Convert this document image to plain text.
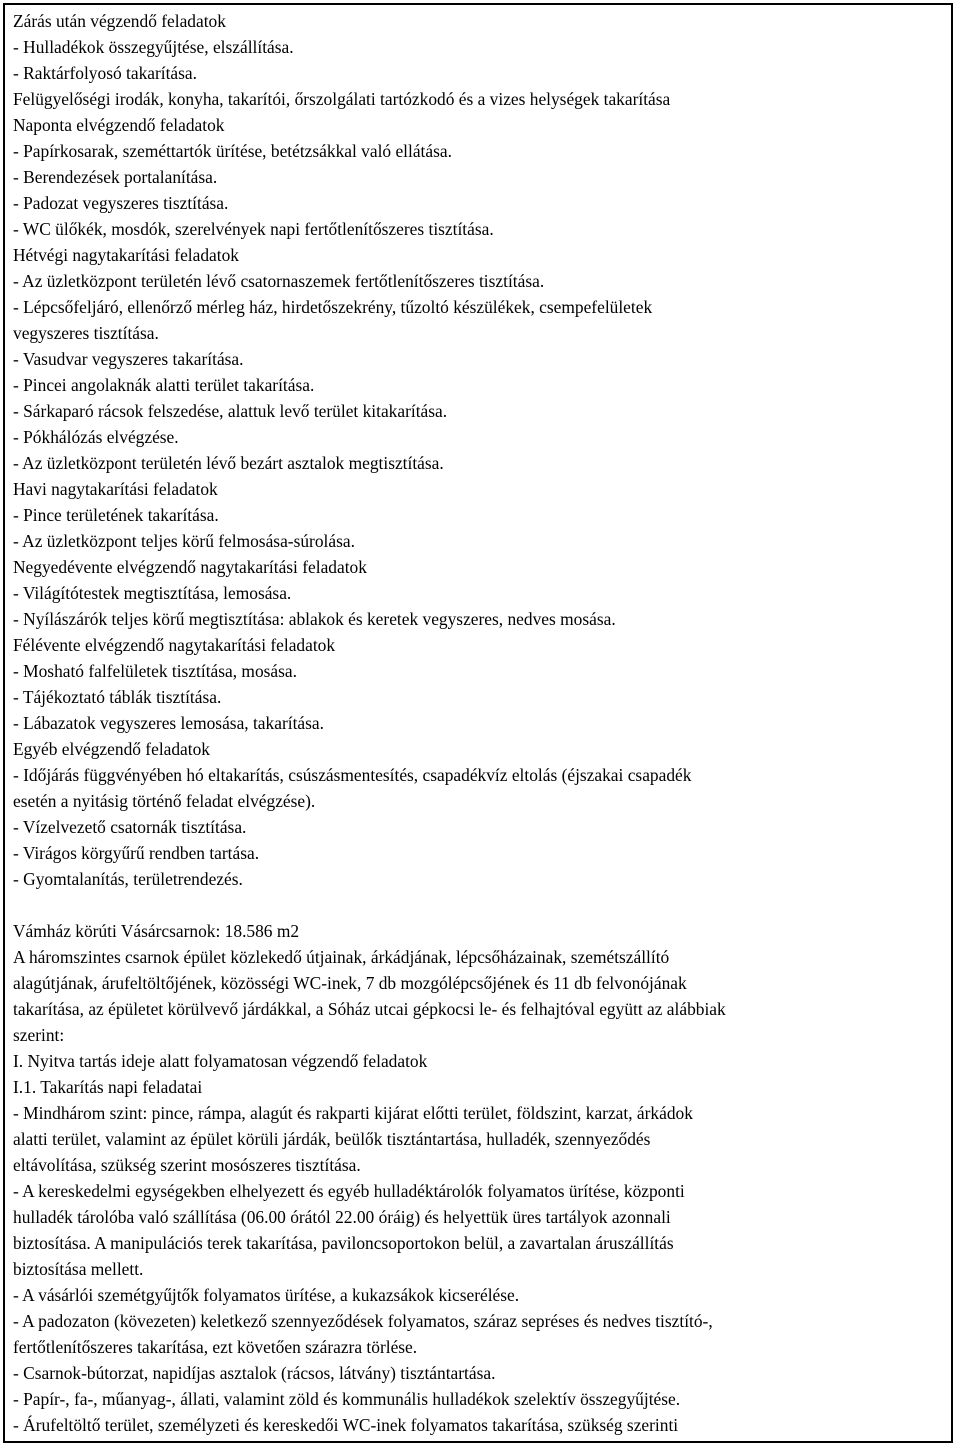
Zárás után végzendő feladatok
- Hulladékok összegyűjtése, elszállítása.
- Raktárfolyosó takarítása.
Felügyelőségi irodák, konyha, takarítói, őrszolgálati tartózkodó és a vizes helységek takarítása
Naponta elvégzendő feladatok
- Papírkosarak, szeméttartók ürítése, betétzsákkal való ellátása.
- Berendezések portalanítása.
- Padozat vegyszeres tisztítása.
- WC ülőkék, mosdók, szerelvények napi fertőtlenítőszeres tisztítása.
Hétvégi nagytakarítási feladatok
- Az üzletközpont területén lévő csatornaszemek fertőtlenítőszeres tisztítása.
- Lépcsőfeljáró, ellenőrző mérleg ház, hirdetőszekrény, tűzoltó készülékek, csempefelületek
vegyszeres tisztítása.
- Vasudvar vegyszeres takarítása.
- Pincei angolaknák alatti terület takarítása.
- Sárkaparó rácsok felszedése, alattuk levő terület kitakarítása.
- Pókhálózás elvégzése.
- Az üzletközpont területén lévő bezárt asztalok megtisztítása.
Havi nagytakarítási feladatok
- Pince területének takarítása.
- Az üzletközpont teljes körű felmosása-súrolása.
Negyedévente elvégzendő nagytakarítási feladatok
- Világítótestek megtisztítása, lemosása.
- Nyílászárók teljes körű megtisztítása: ablakok és keretek vegyszeres, nedves mosása.
Félévente elvégzendő nagytakarítási feladatok
- Mosható falfelületek tisztítása, mosása.
- Tájékoztató táblák tisztítása.
- Lábazatok vegyszeres lemosása, takarítása.
Egyéb elvégzendő feladatok
- Időjárás függvényében hó eltakarítás, csúszásmentesítés, csapadékvíz eltolás (éjszakai csapadék
esetén a nyitásig történő feladat elvégzése).
- Vízelvezető csatornák tisztítása.
- Virágos körgyűrű rendben tartása.
- Gyomtalanítás, területrendezés.
Vámház körúti Vásárcsarnok: 18.586 m2
A háromszintes csarnok épület közlekedő útjainak, árkádjának, lépcsőházainak, szemétszállító
alagútjának, árufeltöltőjének, közösségi WC-inek, 7 db mozgólépcsőjének és 11 db felvonójának
takarítása, az épületet körülvevő járdákkal, a Sóház utcai gépkocsi le- és felhajtóval együtt az alábbiak
szerint:
I. Nyitva tartás ideje alatt folyamatosan végzendő feladatok
I.1. Takarítás napi feladatai
- Mindhárom szint: pince, rámpa, alagút és rakparti kijárat előtti terület, földszint, karzat, árkádok
alatti terület, valamint az épület körüli járdák, beülők tisztántartása, hulladék, szennyeződés
eltávolítása, szükség szerint mosószeres tisztítása.
- A kereskedelmi egységekben elhelyezett és egyéb hulladéktárolók folyamatos ürítése, központi
hulladék tárolóba való szállítása (06.00 órától 22.00 óráig) és helyettük üres tartályok azonnali
biztosítása. A manipulációs terek takarítása, paviloncsoportokon belül, a zavartalan áruszállítás
biztosítása mellett.
- A vásárlói szemétgyűjtők folyamatos ürítése, a kukazsákok kicserélése.
- A padozaton (kövezeten) keletkező szennyeződések folyamatos, száraz sepréses és nedves tisztító-,
fertőtlenítőszeres takarítása, ezt követően szárazra törlése.
- Csarnok-bútorzat, napidíjas asztalok (rácsos, látvány) tisztántartása.
- Papír-, fa-, műanyag-, állati, valamint zöld és kommunális hulladékok szelektív összegyűjtése.
- Árufeltöltő terület, személyzeti és kereskedői WC-inek folyamatos takarítása, szükség szerinti
